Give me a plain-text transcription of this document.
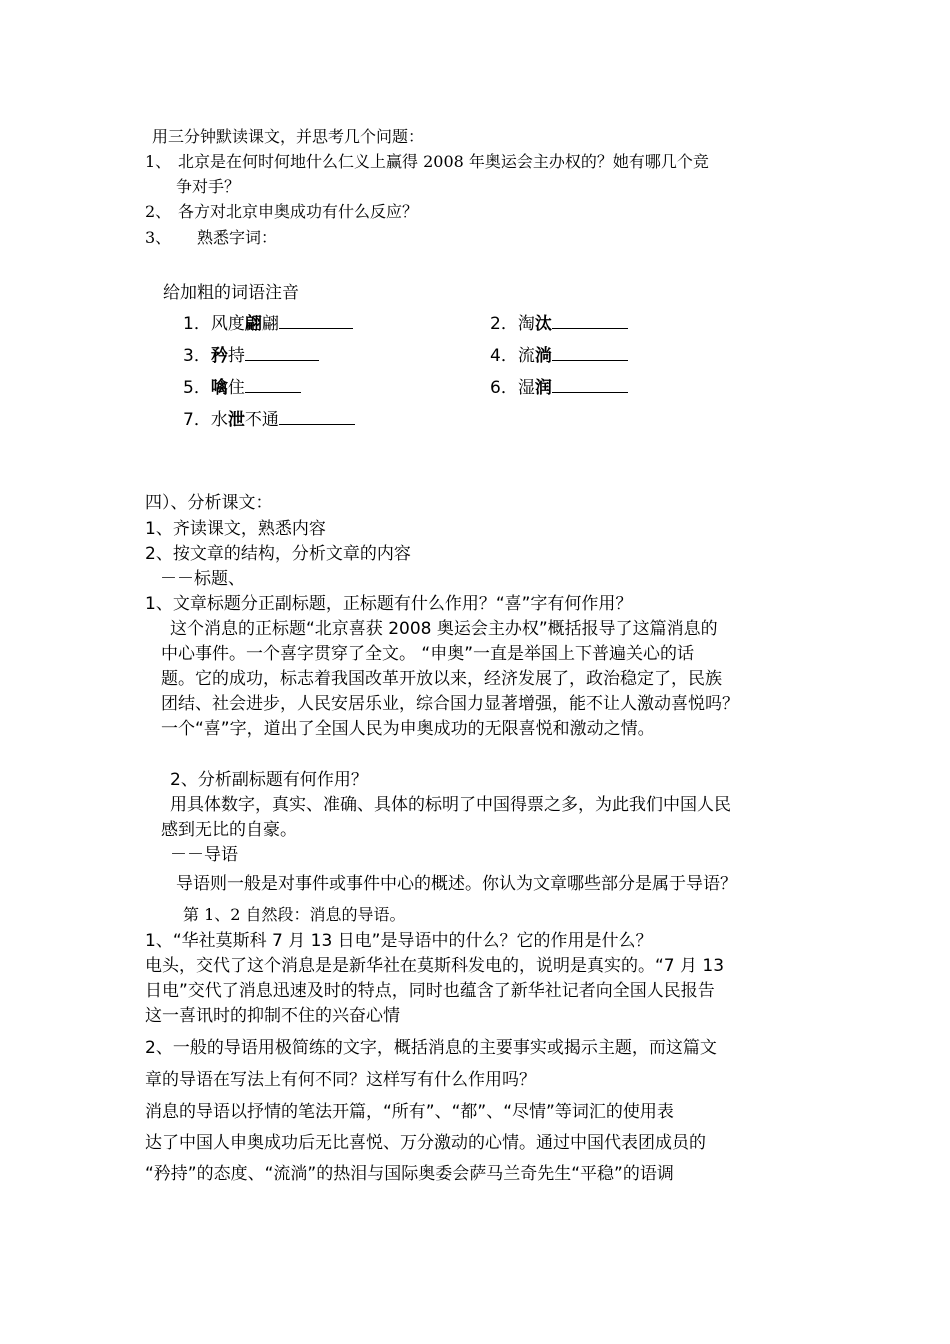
用三分钟默读课文，并思考几个问题：
1、 北京是在何时何地什么仁义上赢得 2008 年奥运会主办权的？她有哪几个竞
争对手？
2、 各方对北京申奥成功有什么反应？
3、 熟悉字词：
给加粗的词语注音
1．风度翩翩	2．淘汰
3．矜持	4．流淌
5．噙住	6．湿润
7．水泄不通
四）、分析课文：
1、齐读课文，熟悉内容
2、按文章的结构，分析文章的内容
－－标题、
1、文章标题分正副标题，正标题有什么作用？“喜”字有何作用？
这个消息的正标题“北京喜获 2008 奥运会主办权”概括报导了这篇消息的
中心事件。一个喜字贯穿了全文。 “申奥”一直是举国上下普遍关心的话
题。它的成功，标志着我国改革开放以来，经济发展了，政治稳定了，民族
团结、社会进步，人民安居乐业，综合国力显著增强，能不让人激动喜悦吗？
一个“喜”字，道出了全国人民为申奥成功的无限喜悦和激动之情。
2、分析副标题有何作用？
用具体数字，真实、准确、具体的标明了中国得票之多，为此我们中国人民
感到无比的自豪。
－－导语
导语则一般是对事件或事件中心的概述。你认为文章哪些部分是属于导语？
第 1、2 自然段：消息的导语。
1、“华社莫斯科 7 月 13 日电”是导语中的什么？它的作用是什么？
电头，交代了这个消息是是新华社在莫斯科发电的，说明是真实的。“7 月 13
日电”交代了消息迅速及时的特点，同时也蕴含了新华社记者向全国人民报告
这一喜讯时的抑制不住的兴奋心情
2、一般的导语用极简练的文字，概括消息的主要事实或揭示主题，而这篇文
章的导语在写法上有何不同？这样写有什么作用吗？
消息的导语以抒情的笔法开篇，“所有”、“都”、“尽情”等词汇的使用表
达了中国人申奥成功后无比喜悦、万分激动的心情。通过中国代表团成员的
“矜持”的态度、“流淌”的热泪与国际奥委会萨马兰奇先生“平稳”的语调
